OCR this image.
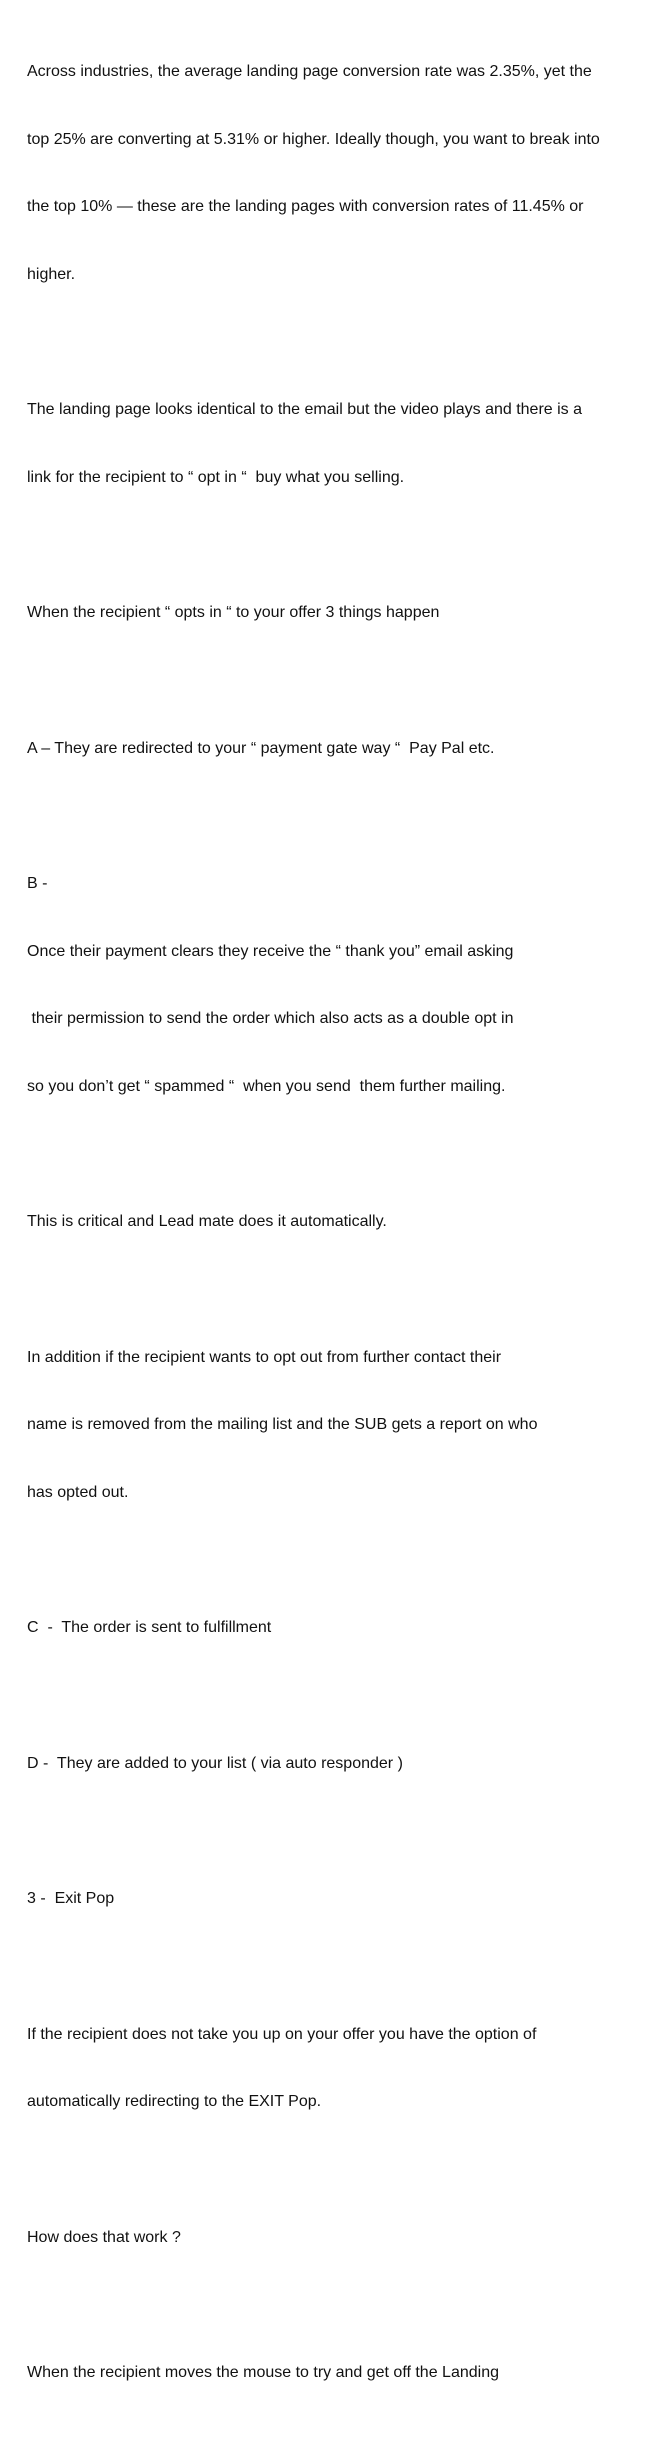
Across industries, the average landing page conversion rate was 2.35%, yet the

top 25% are converting at 5.31% or higher. Ideally though, you want to break into

the top 10% — these are the landing pages with conversion rates of 11.45% or

higher.

The landing page looks identical to the email but the video plays and there is a

link for the recipient to “ opt in “  buy what you selling.

When the recipient “ opts in “ to your offer 3 things happen

A – They are redirected to your “ payment gate way “  Pay Pal etc.

B -

Once their payment clears they receive the “ thank you” email asking

their permission to send the order which also acts as a double opt in

so you don’t get “ spammed “  when you send  them further mailing.

This is critical and Lead mate does it automatically.

In addition if the recipient wants to opt out from further contact their

name is removed from the mailing list and the SUB gets a report on who

has opted out.

C  -  The order is sent to fulfillment

D -  They are added to your list ( via auto responder )

3 -  Exit Pop

If the recipient does not take you up on your offer you have the option of

automatically redirecting to the EXIT Pop.

How does that work ?

When the recipient moves the mouse to try and get off the Landing
